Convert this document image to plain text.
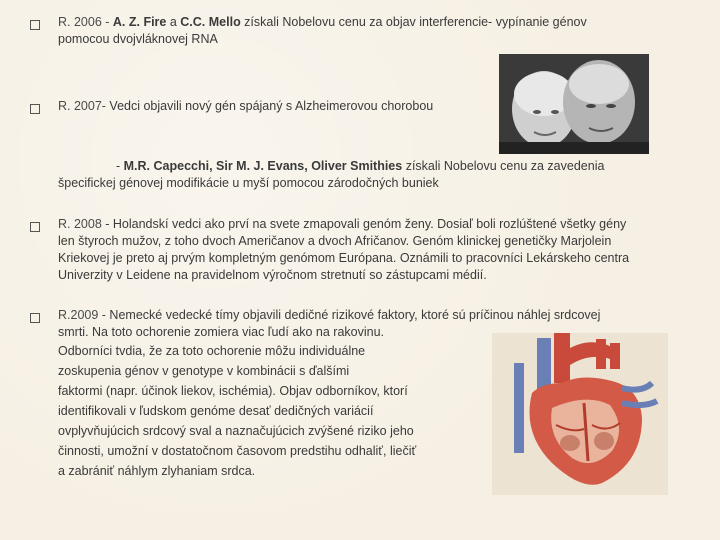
R. 2006 - A. Z. Fire a C.C. Mello získali Nobelovu cenu za objav interferencie- vypínanie génov
pomocou dvojvláknovej RNA
R. 2007- Vedci objavili nový gén spájaný s Alzheimerovou chorobou
- M.R. Capecchi, Sir M. J. Evans, Oliver Smithies získali Nobelovu cenu za zavedenia
špecifickej génovej modifikácie u myší pomocou zárodočných buniek
R. 2008 - Holandskí vedci ako prví na svete zmapovali genóm ženy. Dosiaľ boli rozlúštené všetky gény
len štyroch mužov, z toho dvoch Američanov a dvoch Afričanov. Genóm klinickej genetičky Marjolein
Kriekovej je preto aj prvým kompletným genómom Európana. Oznámili to pracovníci Lekárskeho centra
Univerzity v Leidene na pravidelnom výročnom stretnutí so zástupcami médií.
R.2009 - Nemecké vedecké tímy objavili dedičné rizikové faktory, ktoré sú príčinou náhlej srdcovej
smrti. Na toto ochorenie zomiera viac ľudí ako na rakovinu.
Odborníci tvdia, že za toto ochorenie môžu individuálne
zoskupenia génov v genotype v kombinácii s ďalšími
faktormi (napr. účinok liekov, ischémia). Objav odborníkov, ktorí
identifikovali v ľudskom genóme desať dedičných variácií
ovplyvňujúcich srdcový sval a naznačujúcich zvýšené riziko jeho
činnosti, umožní v dostatočnom časovom predstihu odhaliť, liečiť
a zabrániť náhlym zlyhaniam srdca.
